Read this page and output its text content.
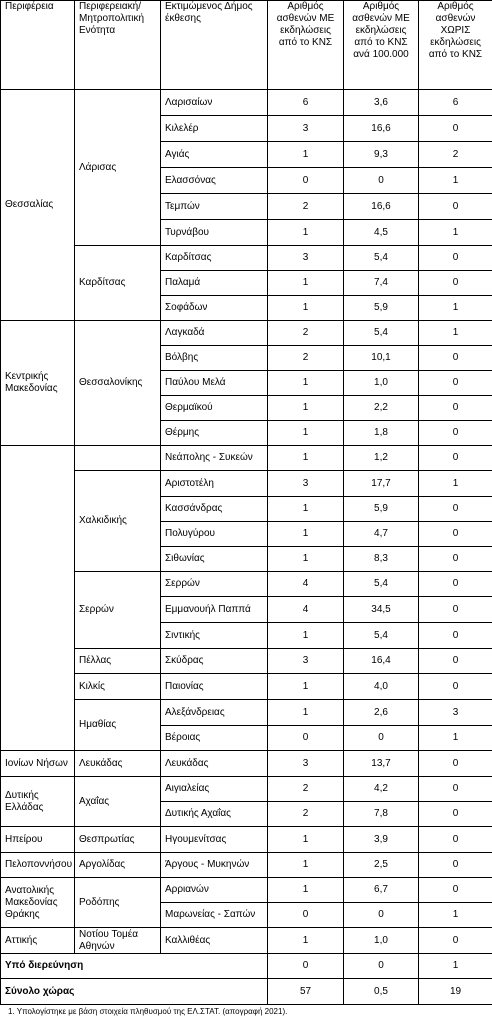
Περιφέρεια	Περιφερειακή/ Μητροπολιτική Ενότητα	Εκτιμώμενος Δήμος έκθεσης	Αριθμός ασθενών ΜΕ εκδηλώσεις από το ΚΝΣ	Αριθμός ασθενών ΜΕ εκδηλώσεις από το ΚΝΣ ανά 100.000	Αριθμός ασθενών ΧΩΡΙΣ εκδηλώσεις από το ΚΝΣ
Θεσσαλίας	Λάρισας	Λαρισαίων	6	3,6	6
		Κιλελέρ	3	16,6	0
		Αγιάς	1	9,3	2
		Ελασσόνας	0	0	1
		Τεμπών	2	16,6	0
		Τυρνάβου	1	4,5	1
	Καρδίτσας	Καρδίτσας	3	5,4	0
		Παλαμά	1	7,4	0
		Σοφάδων	1	5,9	1
Κεντρικής Μακεδονίας	Θεσσαλονίκης	Λαγκαδά	2	5,4	1
		Βόλβης	2	10,1	0
		Παύλου Μελά	1	1,0	0
		Θερμαϊκού	1	2,2	0
		Θέρμης	1	1,8	0
		Νεάπολης - Συκεών	1	1,2	0
	Χαλκιδικής	Αριστοτέλη	3	17,7	1
		Κασσάνδρας	1	5,9	0
		Πολυγύρου	1	4,7	0
		Σιθωνίας	1	8,3	0
	Σερρών	Σερρών	4	5,4	0
		Εμμανουήλ Παππά	4	34,5	0
		Σιντικής	1	5,4	0
	Πέλλας	Σκύδρας	3	16,4	0
	Κιλκίς	Παιονίας	1	4,0	0
	Ημαθίας	Αλεξάνδρειας	1	2,6	3
		Βέροιας	0	0	1
Ιονίων Νήσων	Λευκάδας	Λευκάδας	3	13,7	0
Δυτικής Ελλάδας	Αχαΐας	Αιγιαλείας	2	4,2	0
		Δυτικής Αχαΐας	2	7,8	0
Ηπείρου	Θεσπρωτίας	Ηγουμενίτσας	1	3,9	0
Πελοποννήσου	Αργολίδας	Άργους - Μυκηνών	1	2,5	0
Ανατολικής Μακεδονίας Θράκης	Ροδόπης	Αρριανών	1	6,7	0
		Μαρωνείας - Σαπών	0	0	1
Αττικής	Νοτίου Τομέα Αθηνών	Καλλιθέας	1	1,0	0
Υπό διερεύνηση			0	0	1
Σύνολο χώρας			57	0,5	19
1. Υπολογίστηκε με βάση στοιχεία πληθυσμού της ΕΛ.ΣΤΑΤ. (απογραφή 2021).
